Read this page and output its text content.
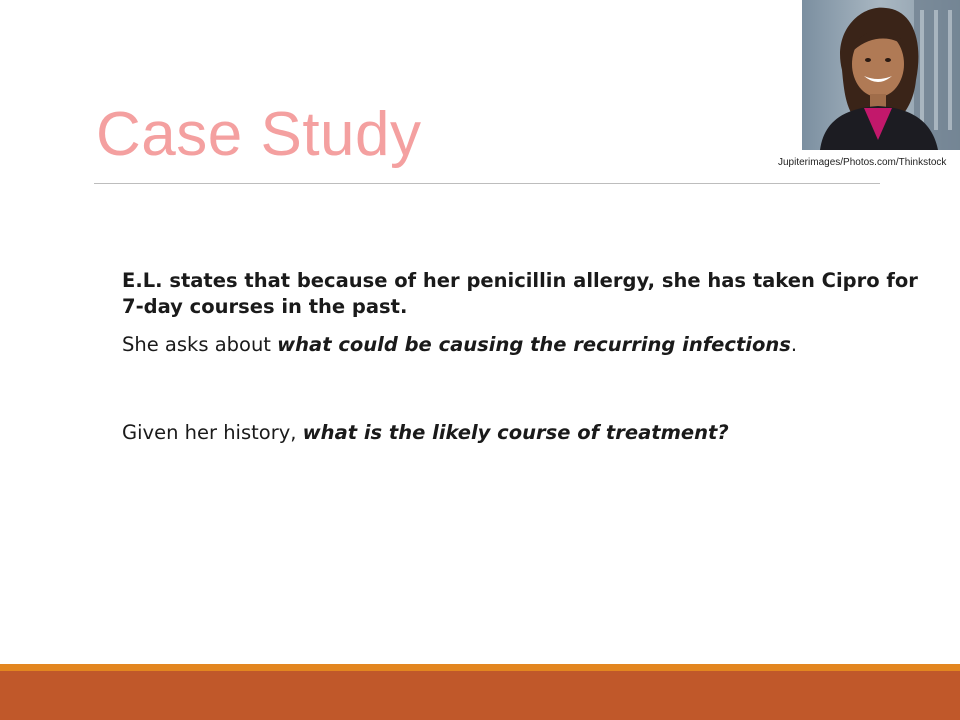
Case Study	Jupiterimages/Photos.com/Thinkstock

E.L. states that because of her penicillin allergy, she has taken Cipro for 7-day courses in the past.

She asks about what could be causing the recurring infections.

Given her history, what is the likely course of treatment?
